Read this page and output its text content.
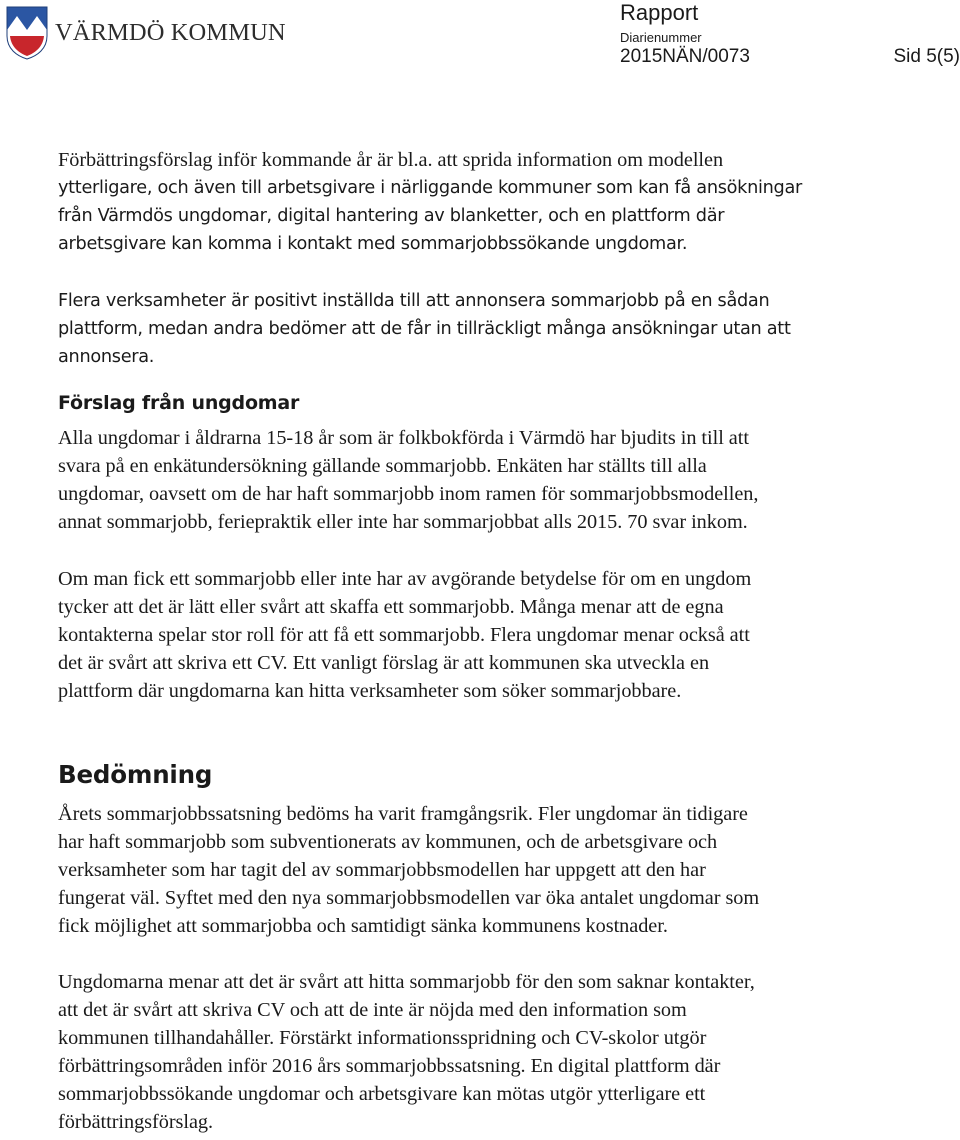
VÄRMDÖ KOMMUN
Rapport
Diarienummer
2015NÄN/0073	Sid 5(5)

Förbättringsförslag inför kommande år är bl.a. att sprida information om modellen

ytterligare, och även till arbetsgivare i närliggande kommuner som kan få ansökningar

från Värmdös ungdomar, digital hantering av blanketter, och en plattform där

arbetsgivare kan komma i kontakt med sommarjobbssökande ungdomar.

Flera verksamheter är positivt inställda till att annonsera sommarjobb på en sådan

plattform, medan andra bedömer att de får in tillräckligt många ansökningar utan att

annonsera.

Förslag från ungdomar

Alla ungdomar i åldrarna 15-18 år som är folkbokförda i Värmdö har bjudits in till att

svara på en enkätundersökning gällande sommarjobb. Enkäten har ställts till alla

ungdomar, oavsett om de har haft sommarjobb inom ramen för sommarjobbsmodellen,

annat sommarjobb, feriepraktik eller inte har sommarjobbat alls 2015. 70 svar inkom.

Om man fick ett sommarjobb eller inte har av avgörande betydelse för om en ungdom

tycker att det är lätt eller svårt att skaffa ett sommarjobb. Många menar att de egna

kontakterna spelar stor roll för att få ett sommarjobb. Flera ungdomar menar också att

det är svårt att skriva ett CV. Ett vanligt förslag är att kommunen ska utveckla en

plattform där ungdomarna kan hitta verksamheter som söker sommarjobbare.

Bedömning

Årets sommarjobbssatsning bedöms ha varit framgångsrik. Fler ungdomar än tidigare

har haft sommarjobb som subventionerats av kommunen, och de arbetsgivare och

verksamheter som har tagit del av sommarjobbsmodellen har uppgett att den har

fungerat väl. Syftet med den nya sommarjobbsmodellen var öka antalet ungdomar som

fick möjlighet att sommarjobba och samtidigt sänka kommunens kostnader.

Ungdomarna menar att det är svårt att hitta sommarjobb för den som saknar kontakter,

att det är svårt att skriva CV och att de inte är nöjda med den information som

kommunen tillhandahåller. Förstärkt informationsspridning och CV-skolor utgör

förbättringsområden inför 2016 års sommarjobbssatsning. En digital plattform där

sommarjobbssökande ungdomar och arbetsgivare kan mötas utgör ytterligare ett

förbättringsförslag.
